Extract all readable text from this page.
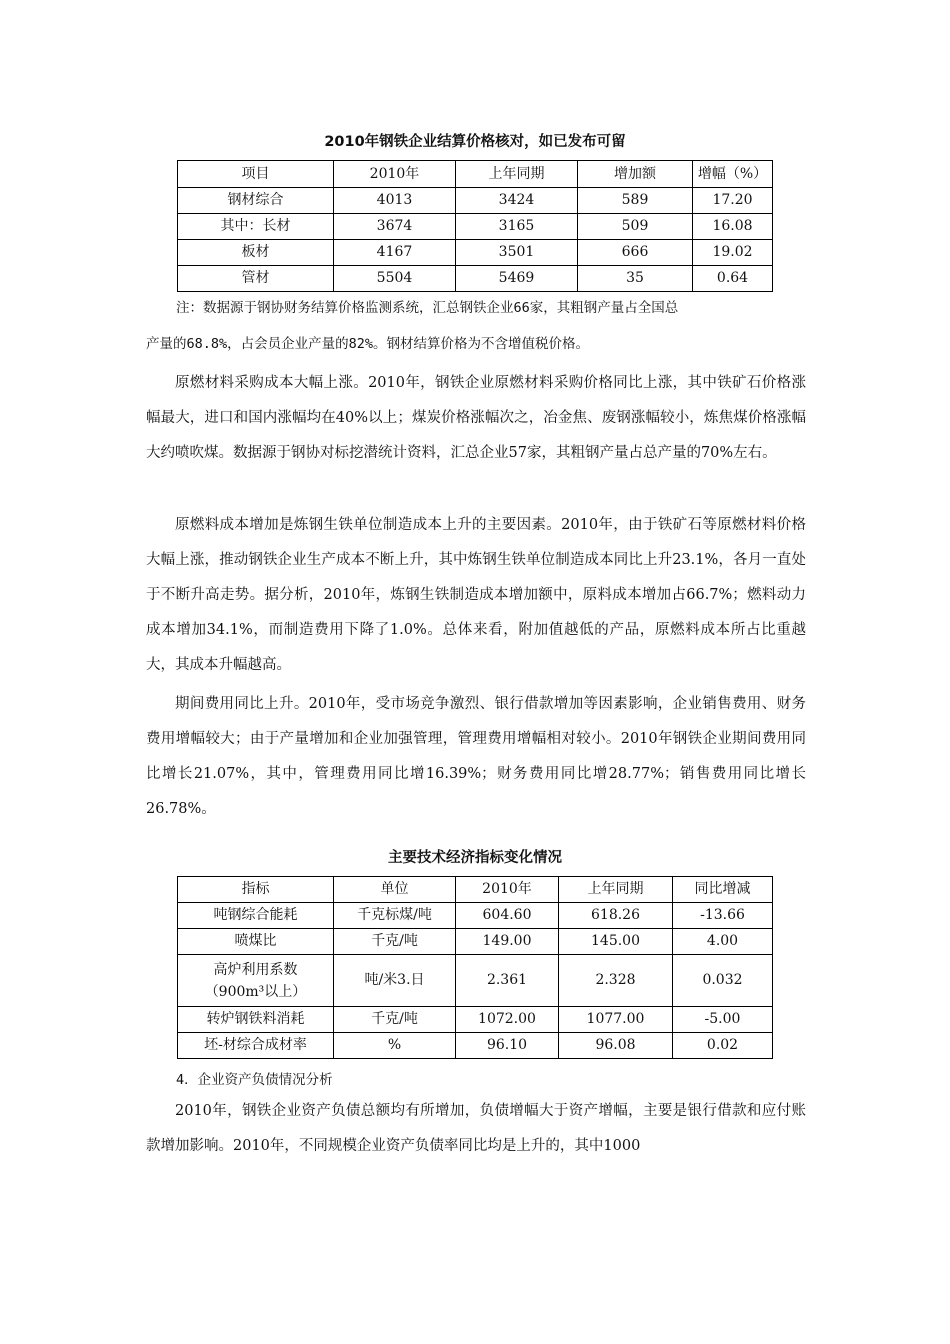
2010年钢铁企业结算价格核对，如已发布可留
项目	2010年	上年同期	增加额	增幅（%）
钢材综合	4013	3424	589	17.20
其中：长材	3674	3165	509	16.08
板材	4167	3501	666	19.02
管材	5504	5469	35	0.64
注：数据源于钢协财务结算价格监测系统，汇总钢铁企业66家，其粗钢产量占全国总
产量的68.8%，占会员企业产量的82%。钢材结算价格为不含增值税价格。

原燃材料采购成本大幅上涨。2010年，钢铁企业原燃材料采购价格同比上涨，其中铁矿石价格涨幅最大，进口和国内涨幅均在40%以上；煤炭价格涨幅次之，冶金焦、废钢涨幅较小，炼焦煤价格涨幅大约喷吹煤。数据源于钢协对标挖潜统计资料，汇总企业57家，其粗钢产量占总产量的70%左右。

原燃料成本增加是炼钢生铁单位制造成本上升的主要因素。2010年，由于铁矿石等原燃材料价格大幅上涨，推动钢铁企业生产成本不断上升，其中炼钢生铁单位制造成本同比上升23.1%，各月一直处于不断升高走势。据分析，2010年，炼钢生铁制造成本增加额中，原料成本增加占66.7%；燃料动力成本增加34.1%，而制造费用下降了1.0%。总体来看，附加值越低的产品，原燃料成本所占比重越大，其成本升幅越高。

期间费用同比上升。2010年，受市场竞争激烈、银行借款增加等因素影响，企业销售费用、财务费用增幅较大；由于产量增加和企业加强管理，管理费用增幅相对较小。2010年钢铁企业期间费用同比增长21.07%，其中，管理费用同比增16.39%；财务费用同比增28.77%；销售费用同比增长26.78%。

主要技术经济指标变化情况
指标	单位	2010年	上年同期	同比增减
吨钢综合能耗	千克标煤/吨	604.60	618.26	-13.66
喷煤比	千克/吨	149.00	145.00	4.00
高炉利用系数（900m³以上）	吨/米3.日	2.361	2.328	0.032
转炉钢铁料消耗	千克/吨	1072.00	1077.00	-5.00
坯-材综合成材率	%	96.10	96.08	0.02
4．企业资产负债情况分析

2010年，钢铁企业资产负债总额均有所增加，负债增幅大于资产增幅，主要是银行借款和应付账款增加影响。2010年，不同规模企业资产负债率同比均是上升的，其中1000
